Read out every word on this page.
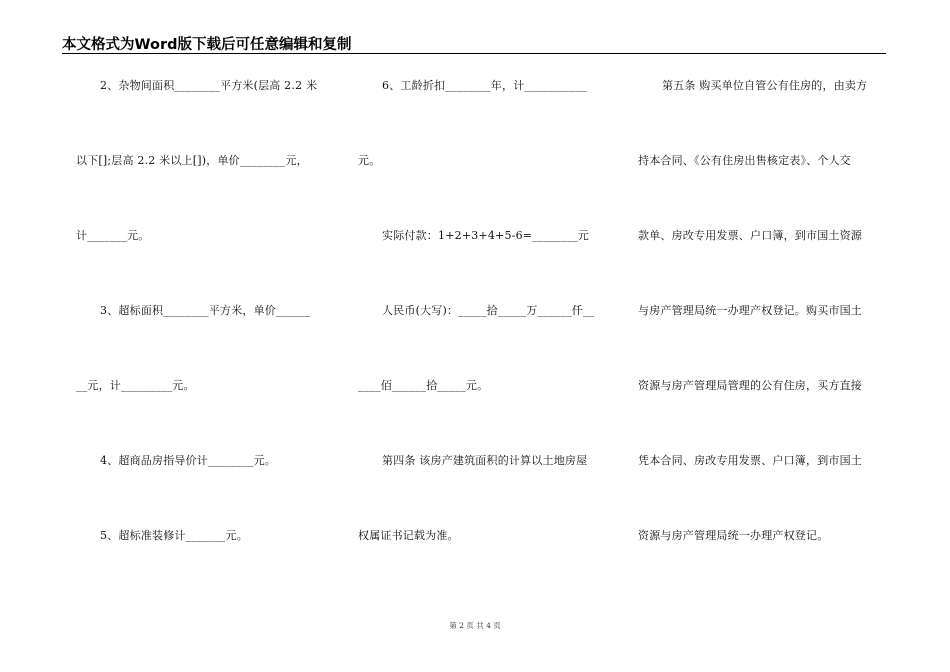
本文格式为Word版下载后可任意编辑和复制
2、杂物间面积________平方米(层高 2.2 米
以下[];层高 2.2 米以上[])，单价________元，
计_______元。
3、超标面积________平方米，单价______
__元，计_________元。
4、超商品房指导价计________元。
5、超标准装修计_______元。
6、工龄折扣________年，计___________
元。
实际付款：1+2+3+4+5-6=________元
人民币(大写)：_____拾_____万______仟__
____佰______拾_____元。
第四条 该房产建筑面积的计算以土地房屋
权属证书记载为准。
第五条 购买单位自管公有住房的，由卖方
持本合同、《公有住房出售核定表》、个人交
款单、房改专用发票、户口簿，到市国土资源
与房产管理局统一办理产权登记。购买市国土
资源与房产管理局管理的公有住房，买方直接
凭本合同、房改专用发票、户口簿，到市国土
资源与房产管理局统一办理产权登记。
第 2 页 共 4 页
